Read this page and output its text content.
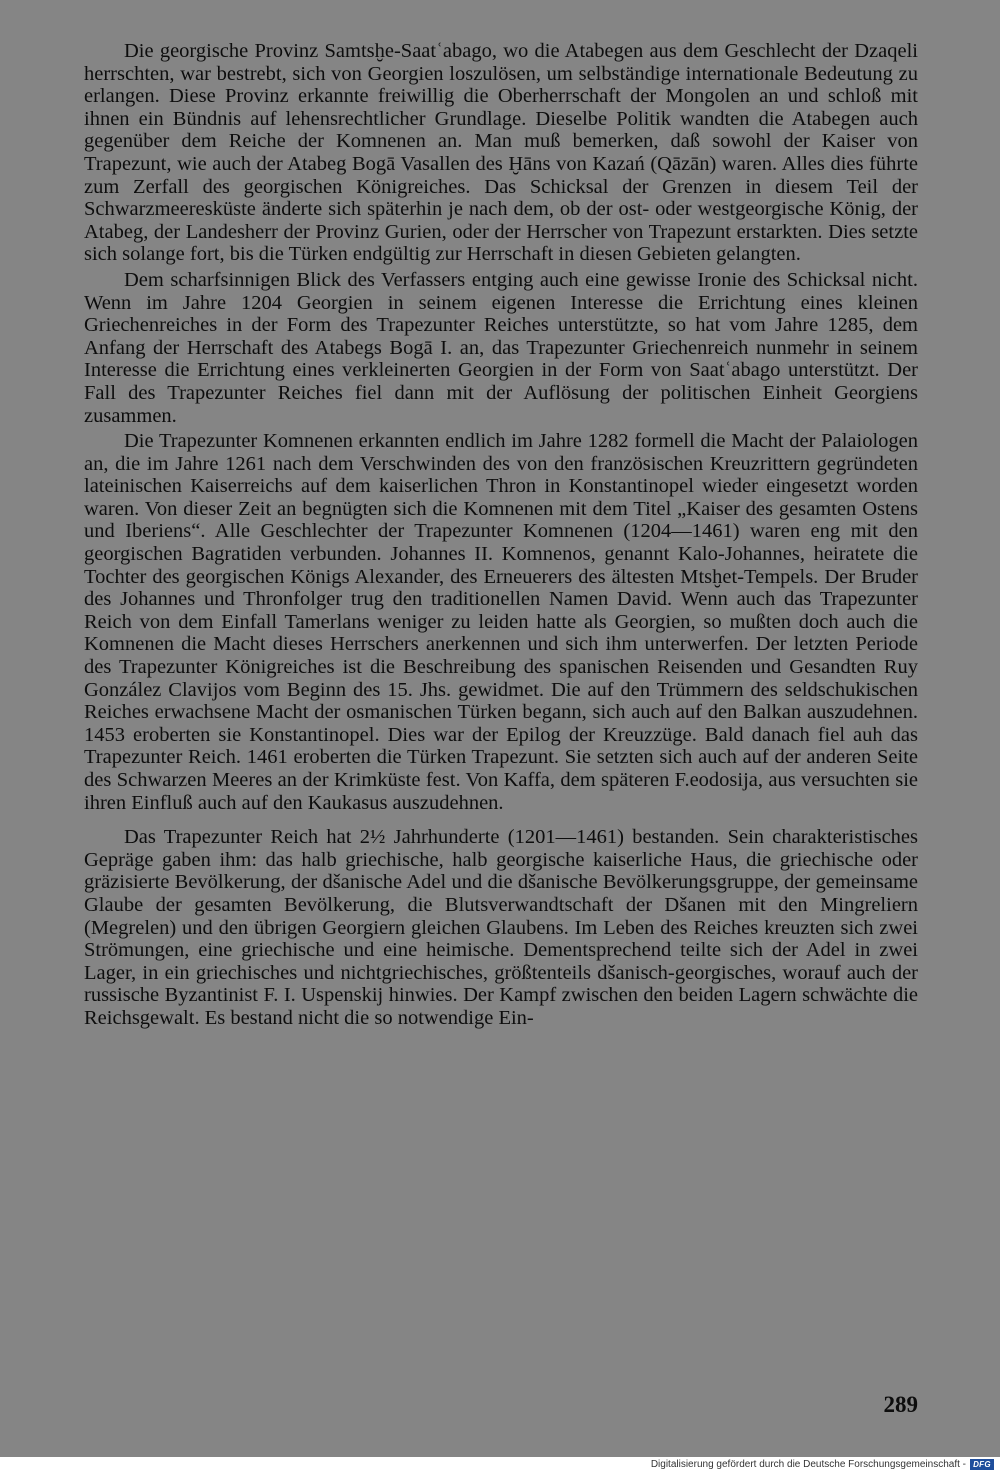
Die georgische Provinz Samtsḫe-Saatʿabago, wo die Atabegen aus dem Geschlecht der Dzaqeli herrschten, war bestrebt, sich von Georgien loszulösen, um selbständige internationale Bedeutung zu erlangen. Diese Provinz erkannte freiwillig die Oberherrschaft der Mongolen an und schloß mit ihnen ein Bündnis auf lehensrechtlicher Grundlage. Dieselbe Politik wandten die Atabegen auch gegenüber dem Reiche der Komnenen an. Man muß bemerken, daß sowohl der Kaiser von Trapezunt, wie auch der Atabeg Bogā Vasallen des Ḫāns von Kazań (Qāzān) waren. Alles dies führte zum Zerfall des georgischen Königreiches. Das Schicksal der Grenzen in diesem Teil der Schwarzmeeresküste änderte sich späterhin je nach dem, ob der ost- oder westgeorgische König, der Atabeg, der Landesherr der Provinz Gurien, oder der Herrscher von Trapezunt erstarkten. Dies setzte sich solange fort, bis die Türken endgültig zur Herrschaft in diesen Gebieten gelangten.

Dem scharfsinnigen Blick des Verfassers entging auch eine gewisse Ironie des Schicksal nicht. Wenn im Jahre 1204 Georgien in seinem eigenen Interesse die Errichtung eines kleinen Griechenreiches in der Form des Trapezunter Reiches unterstützte, so hat vom Jahre 1285, dem Anfang der Herrschaft des Atabegs Bogā I. an, das Trapezunter Griechenreich nunmehr in seinem Interesse die Errichtung eines verkleinerten Georgien in der Form von Saatʿabago unterstützt. Der Fall des Trapezunter Reiches fiel dann mit der Auflösung der politischen Einheit Georgiens zusammen.

Die Trapezunter Komnenen erkannten endlich im Jahre 1282 formell die Macht der Palaiologen an, die im Jahre 1261 nach dem Verschwinden des von den französischen Kreuzrittern gegründeten lateinischen Kaiserreichs auf dem kaiserlichen Thron in Konstantinopel wieder eingesetzt worden waren. Von dieser Zeit an begnügten sich die Komnenen mit dem Titel „Kaiser des gesamten Ostens und Iberiens“. Alle Geschlechter der Trapezunter Komnenen (1204—1461) waren eng mit den georgischen Bagratiden verbunden. Johannes II. Komnenos, genannt Kalo-Johannes, heiratete die Tochter des georgischen Königs Alexander, des Erneuerers des ältesten Mtsḫet-Tempels. Der Bruder des Johannes und Thronfolger trug den traditionellen Namen David. Wenn auch das Trapezunter Reich von dem Einfall Tamerlans weniger zu leiden hatte als Georgien, so mußten doch auch die Komnenen die Macht dieses Herrschers anerkennen und sich ihm unterwerfen. Der letzten Periode des Trapezunter Königreiches ist die Beschreibung des spanischen Reisenden und Gesandten Ruy González Clavijos vom Beginn des 15. Jhs. gewidmet. Die auf den Trümmern des seldschukischen Reiches erwachsene Macht der osmanischen Türken begann, sich auch auf den Balkan auszudehnen. 1453 eroberten sie Konstantinopel. Dies war der Epilog der Kreuzzüge. Bald danach fiel auh das Trapezunter Reich. 1461 eroberten die Türken Trapezunt. Sie setzten sich auch auf der anderen Seite des Schwarzen Meeres an der Krimküste fest. Von Kaffa, dem späteren F.eodosija, aus versuchten sie ihren Einfluß auch auf den Kaukasus auszudehnen.

Das Trapezunter Reich hat 2½ Jahrhunderte (1201—1461) bestanden. Sein charakteristisches Gepräge gaben ihm: das halb griechische, halb georgische kaiserliche Haus, die griechische oder gräzisierte Bevölkerung, der dšanische Adel und die dšanische Bevölkerungsgruppe, der gemeinsame Glaube der gesamten Bevölkerung, die Blutsverwandtschaft der Dšanen mit den Mingreliern (Megrelen) und den übrigen Georgiern gleichen Glaubens. Im Leben des Reiches kreuzten sich zwei Strömungen, eine griechische und eine heimische. Dementsprechend teilte sich der Adel in zwei Lager, in ein griechisches und nichtgriechisches, größtenteils dšanisch-georgisches, worauf auch der russische Byzantinist F. I. Uspenskij hinwies. Der Kampf zwischen den beiden Lagern schwächte die Reichsgewalt. Es bestand nicht die so notwendige Ein-

289
Digitalisierung gefördert durch die Deutsche Forschungsgemeinschaft - DFG
